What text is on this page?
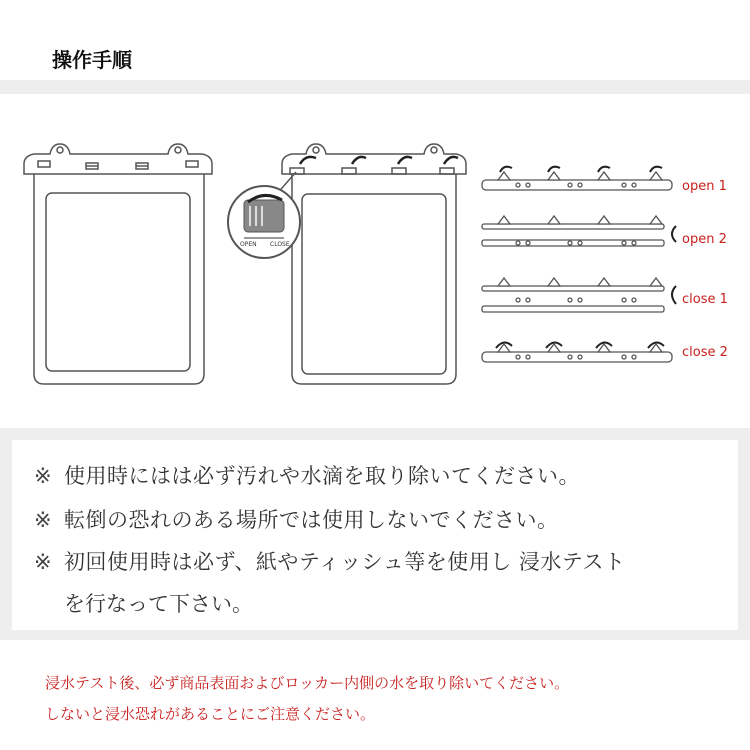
操作手順
OPEN CLOSE
open 1
open 2
close 1
close 2
※ 使用時にはは必ず汚れや水滴を取り除いてください。
※ 転倒の恐れのある場所では使用しないでください。
※ 初回使用時は必ず、紙やティッシュ等を使用し 浸水テスト
を行なって下さい。
浸水テスト後、必ず商品表面およびロッカー内側の水を取り除いてください。
しないと浸水恐れがあることにご注意ください。
